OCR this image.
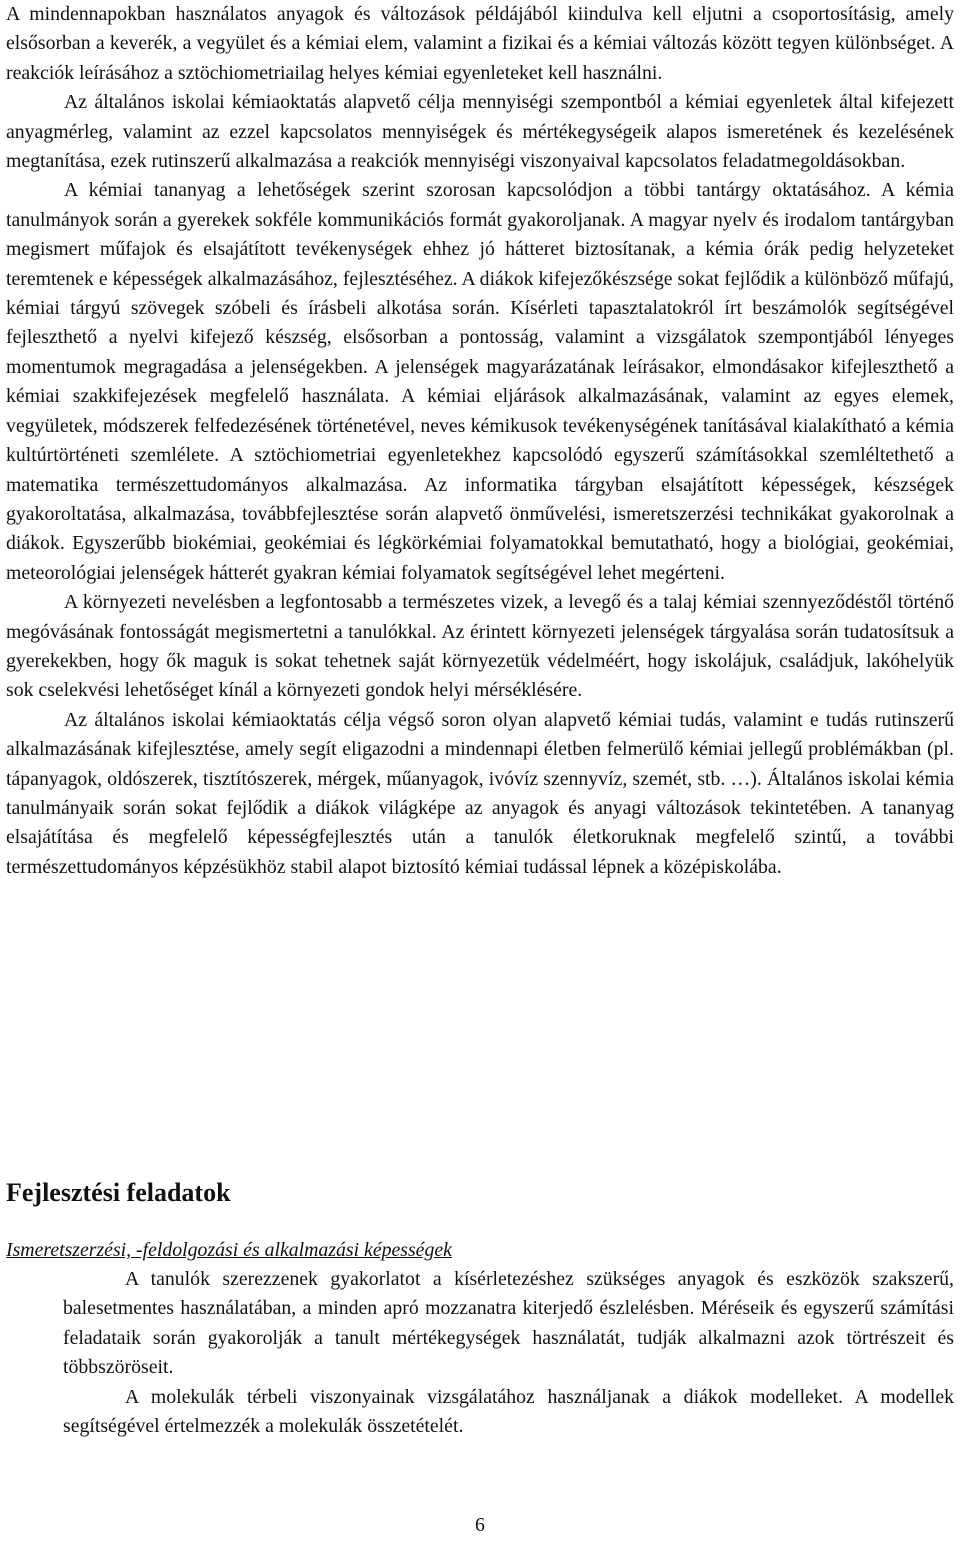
A mindennapokban használatos anyagok és változások példájából kiindulva kell eljutni a csoportosításig, amely elsősorban a keverék, a vegyület és a kémiai elem, valamint a fizikai és a kémiai változás között tegyen különbséget. A reakciók leírásához a sztöchiometriailag helyes kémiai egyenleteket kell használni.

Az általános iskolai kémiaoktatás alapvető célja mennyiségi szempontból a kémiai egyenletek által kifejezett anyagmérleg, valamint az ezzel kapcsolatos mennyiségek és mértékegységeik alapos ismeretének és kezelésének megtanítása, ezek rutinszerű alkalmazása a reakciók mennyiségi viszonyaival kapcsolatos feladatmegoldásokban.

A kémiai tananyag a lehetőségek szerint szorosan kapcsolódjon a többi tantárgy oktatásához. A kémia tanulmányok során a gyerekek sokféle kommunikációs formát gyakoroljanak. A magyar nyelv és irodalom tantárgyban megismert műfajok és elsajátított tevékenységek ehhez jó hátteret biztosítanak, a kémia órák pedig helyzeteket teremtenek e képességek alkalmazásához, fejlesztéséhez. A diákok kifejezőkészsége sokat fejlődik a különböző műfajú, kémiai tárgyú szövegek szóbeli és írásbeli alkotása során. Kísérleti tapasztalatokról írt beszámolók segítségével fejleszthető a nyelvi kifejező készség, elsősorban a pontosság, valamint a vizsgálatok szempontjából lényeges momentumok megragadása a jelenségekben. A jelenségek magyarázatának leírásakor, elmondásakor kifejleszthető a kémiai szakkifejezések megfelelő használata. A kémiai eljárások alkalmazásának, valamint az egyes elemek, vegyületek, módszerek felfedezésének történetével, neves kémikusok tevékenységének tanításával kialakítható a kémia kultúrtörténeti szemlélete. A sztöchiometriai egyenletekhez kapcsolódó egyszerű számításokkal szemléltethető a matematika természettudományos alkalmazása. Az informatika tárgyban elsajátított képességek, készségek gyakoroltatása, alkalmazása, továbbfejlesztése során alapvető önművelési, ismeretszerzési technikákat gyakorolnak a diákok. Egyszerűbb biokémiai, geokémiai és légkörkémiai folyamatokkal bemutatható, hogy a biológiai, geokémiai, meteorológiai jelenségek hátterét gyakran kémiai folyamatok segítségével lehet megérteni.

A környezeti nevelésben a legfontosabb a természetes vizek, a levegő és a talaj kémiai szennyeződéstől történő megóvásának fontosságát megismertetni a tanulókkal. Az érintett környezeti jelenségek tárgyalása során tudatosítsuk a gyerekekben, hogy ők maguk is sokat tehetnek saját környezetük védelméért, hogy iskolájuk, családjuk, lakóhelyük sok cselekvési lehetőséget kínál a környezeti gondok helyi mérséklésére.

Az általános iskolai kémiaoktatás célja végső soron olyan alapvető kémiai tudás, valamint e tudás rutinszerű alkalmazásának kifejlesztése, amely segít eligazodni a mindennapi életben felmerülő kémiai jellegű problémákban (pl. tápanyagok, oldószerek, tisztítószerek, mérgek, műanyagok, ivóvíz szennyvíz, szemét, stb. …). Általános iskolai kémia tanulmányaik során sokat fejlődik a diákok világképe az anyagok és anyagi változások tekintetében. A tananyag elsajátítása és megfelelő képességfejlesztés után a tanulók életkoruknak megfelelő szintű, a további természettudományos képzésükhöz stabil alapot biztosító kémiai tudással lépnek a középiskolába.

Fejlesztési feladatok

Ismeretszerzési, -feldolgozási és alkalmazási képességek

A tanulók szerezzenek gyakorlatot a kísérletezéshez szükséges anyagok és eszközök szakszerű, balesetmentes használatában, a minden apró mozzanatra kiterjedő észlelésben. Méréseik és egyszerű számítási feladataik során gyakorolják a tanult mértékegységek használatát, tudják alkalmazni azok törtrészeit és többszöröseit.

A molekulák térbeli viszonyainak vizsgálatához használjanak a diákok modelleket. A modellek segítségével értelmezzék a molekulák összetételét.

6
